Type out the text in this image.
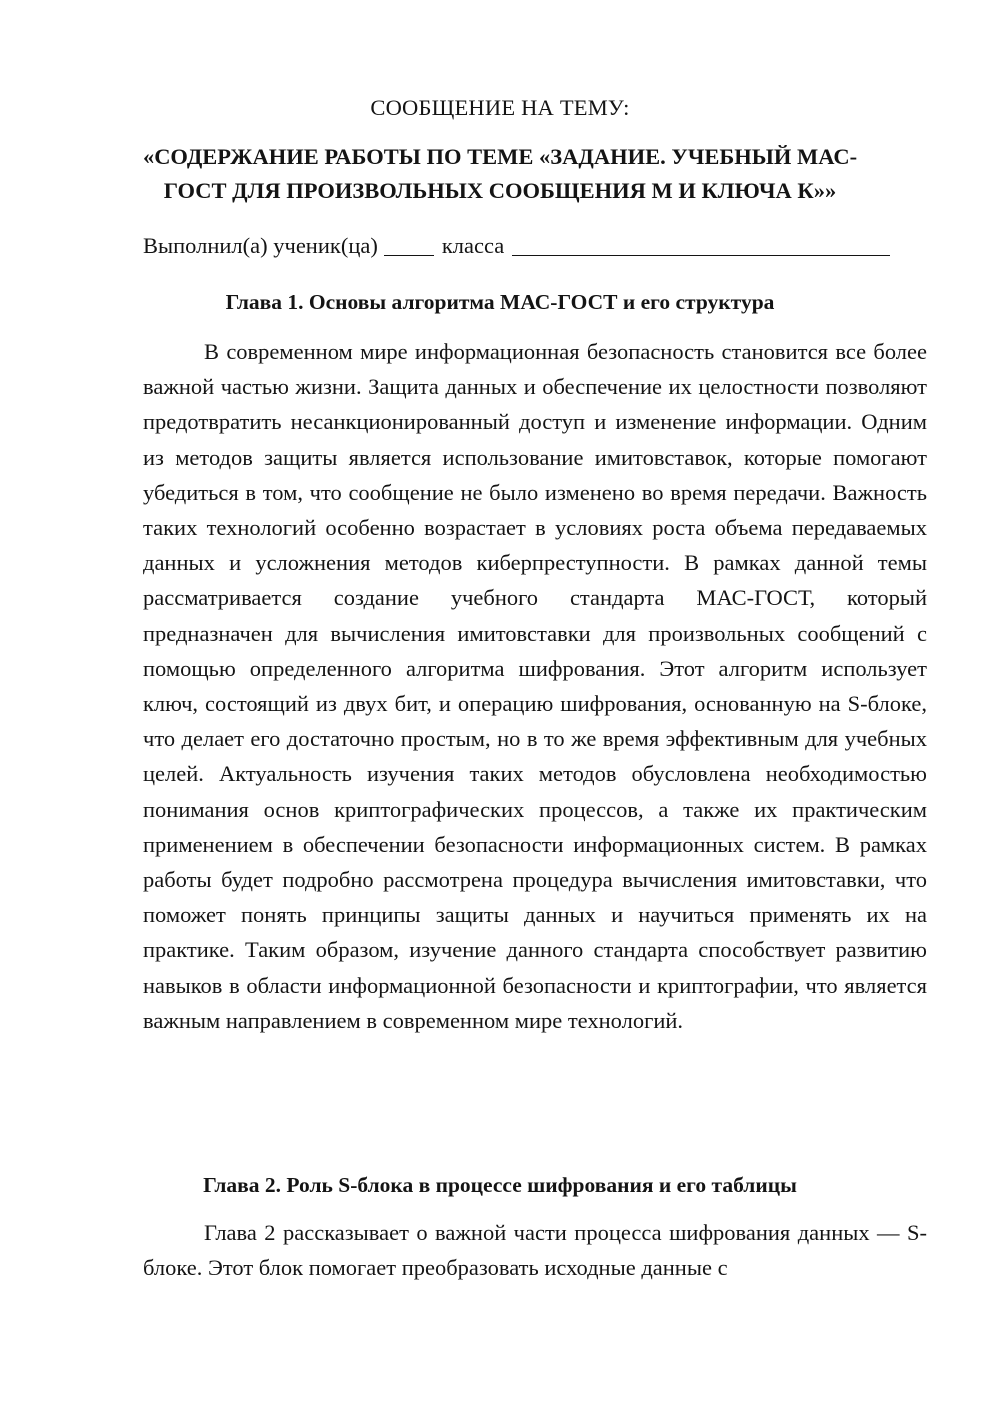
СООБЩЕНИЕ НА ТЕМУ:
«СОДЕРЖАНИЕ РАБОТЫ ПО ТЕМЕ «ЗАДАНИЕ. УЧЕБНЫЙ МАС-ГОСТ ДЛЯ ПРОИЗВОЛЬНЫХ СООБЩЕНИЯ М И КЛЮЧА К»»
Выполнил(а) ученик(ца)	класса
Глава 1. Основы алгоритма МАС-ГОСТ и его структура

В современном мире информационная безопасность становится все более важной частью жизни. Защита данных и обеспечение их целостности позволяют предотвратить несанкционированный доступ и изменение информации. Одним из методов защиты является использование имитовставок, которые помогают убедиться в том, что сообщение не было изменено во время передачи. Важность таких технологий особенно возрастает в условиях роста объема передаваемых данных и усложнения методов киберпреступности. В рамках данной темы рассматривается создание учебного стандарта МАС-ГОСТ, который предназначен для вычисления имитовставки для произвольных сообщений с помощью определенного алгоритма шифрования. Этот алгоритм использует ключ, состоящий из двух бит, и операцию шифрования, основанную на S-блоке, что делает его достаточно простым, но в то же время эффективным для учебных целей. Актуальность изучения таких методов обусловлена необходимостью понимания основ криптографических процессов, а также их практическим применением в обеспечении безопасности информационных систем. В рамках работы будет подробно рассмотрена процедура вычисления имитовставки, что поможет понять принципы защиты данных и научиться применять их на практике. Таким образом, изучение данного стандарта способствует развитию навыков в области информационной безопасности и криптографии, что является важным направлением в современном мире технологий.

Глава 2. Роль S-блока в процессе шифрования и его таблицы

Глава 2 рассказывает о важной части процесса шифрования данных — S-блоке. Этот блок помогает преобразовать исходные данные с
